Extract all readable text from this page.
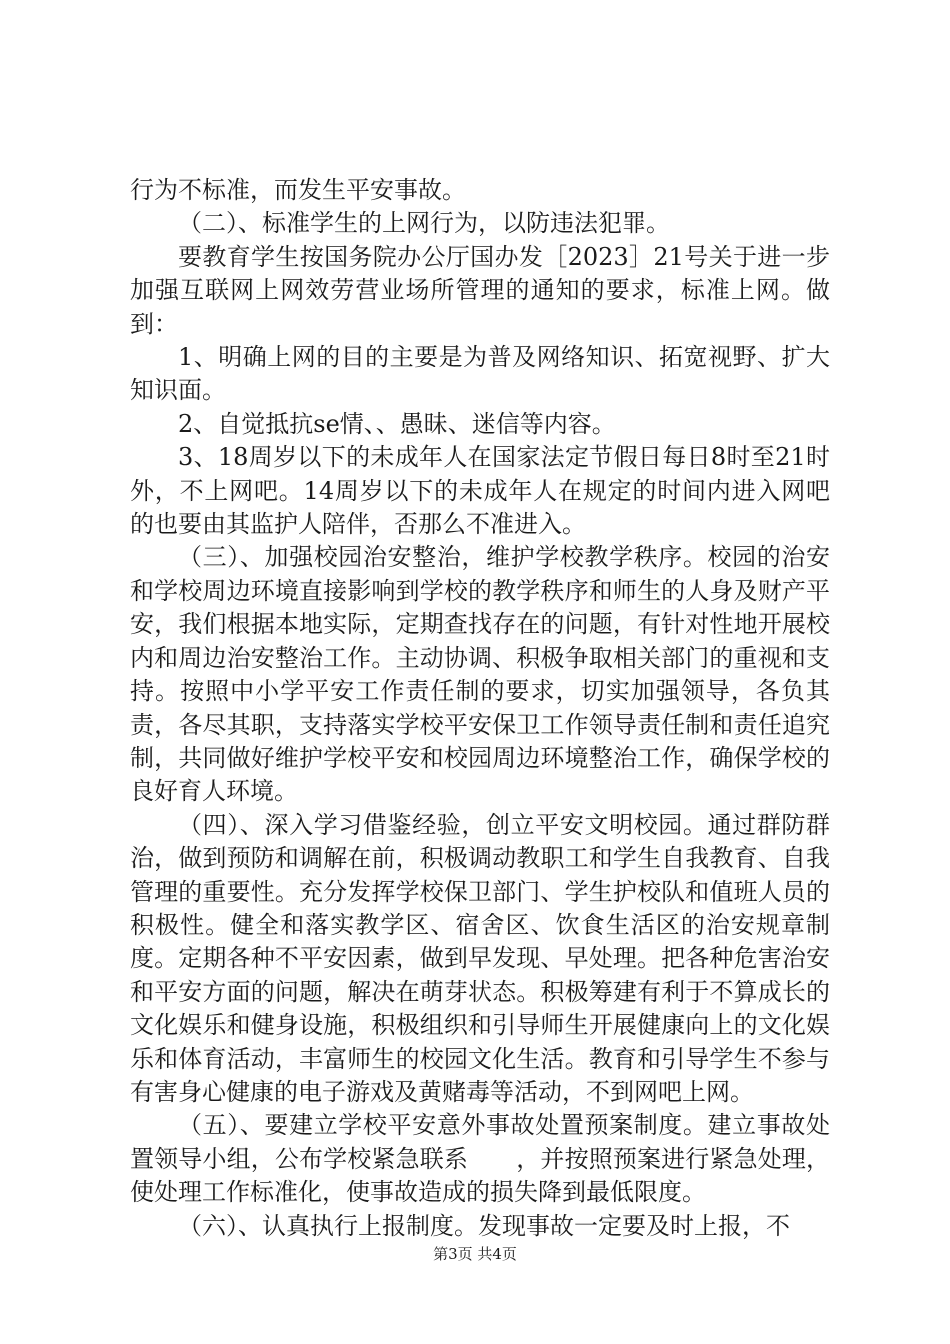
行为不标准，而发生平安事故。

（二）、标准学生的上网行为，以防违法犯罪。

要教育学生按国务院办公厅国办发［2023］21号关于进一步加强互联网上网效劳营业场所管理的通知的要求，标准上网。做到：

1、明确上网的目的主要是为普及网络知识、拓宽视野、扩大知识面。

2、自觉抵抗se情、、愚昧、迷信等内容。

3、18周岁以下的未成年人在国家法定节假日每日8时至21时外，不上网吧。14周岁以下的未成年人在规定的时间内进入网吧的也要由其监护人陪伴，否那么不准进入。

（三）、加强校园治安整治，维护学校教学秩序。校园的治安和学校周边环境直接影响到学校的教学秩序和师生的人身及财产平安，我们根据本地实际，定期查找存在的问题，有针对性地开展校内和周边治安整治工作。主动协调、积极争取相关部门的重视和支持。按照中小学平安工作责任制的要求，切实加强领导，各负其责，各尽其职，支持落实学校平安保卫工作领导责任制和责任追究制，共同做好维护学校平安和校园周边环境整治工作，确保学校的良好育人环境。

（四）、深入学习借鉴经验，创立平安文明校园。通过群防群治，做到预防和调解在前，积极调动教职工和学生自我教育、自我管理的重要性。充分发挥学校保卫部门、学生护校队和值班人员的积极性。健全和落实教学区、宿舍区、饮食生活区的治安规章制度。定期各种不平安因素，做到早发现、早处理。把各种危害治安和平安方面的问题，解决在萌芽状态。积极筹建有利于不算成长的文化娱乐和健身设施，积极组织和引导师生开展健康向上的文化娱乐和体育活动，丰富师生的校园文化生活。教育和引导学生不参与有害身心健康的电子游戏及黄赌毒等活动，不到网吧上网。

（五）、要建立学校平安意外事故处置预案制度。建立事故处置领导小组，公布学校紧急联系　　，并按照预案进行紧急处理，使处理工作标准化，使事故造成的损失降到最低限度。

（六）、认真执行上报制度。发现事故一定要及时上报，不

第3页 共4页
